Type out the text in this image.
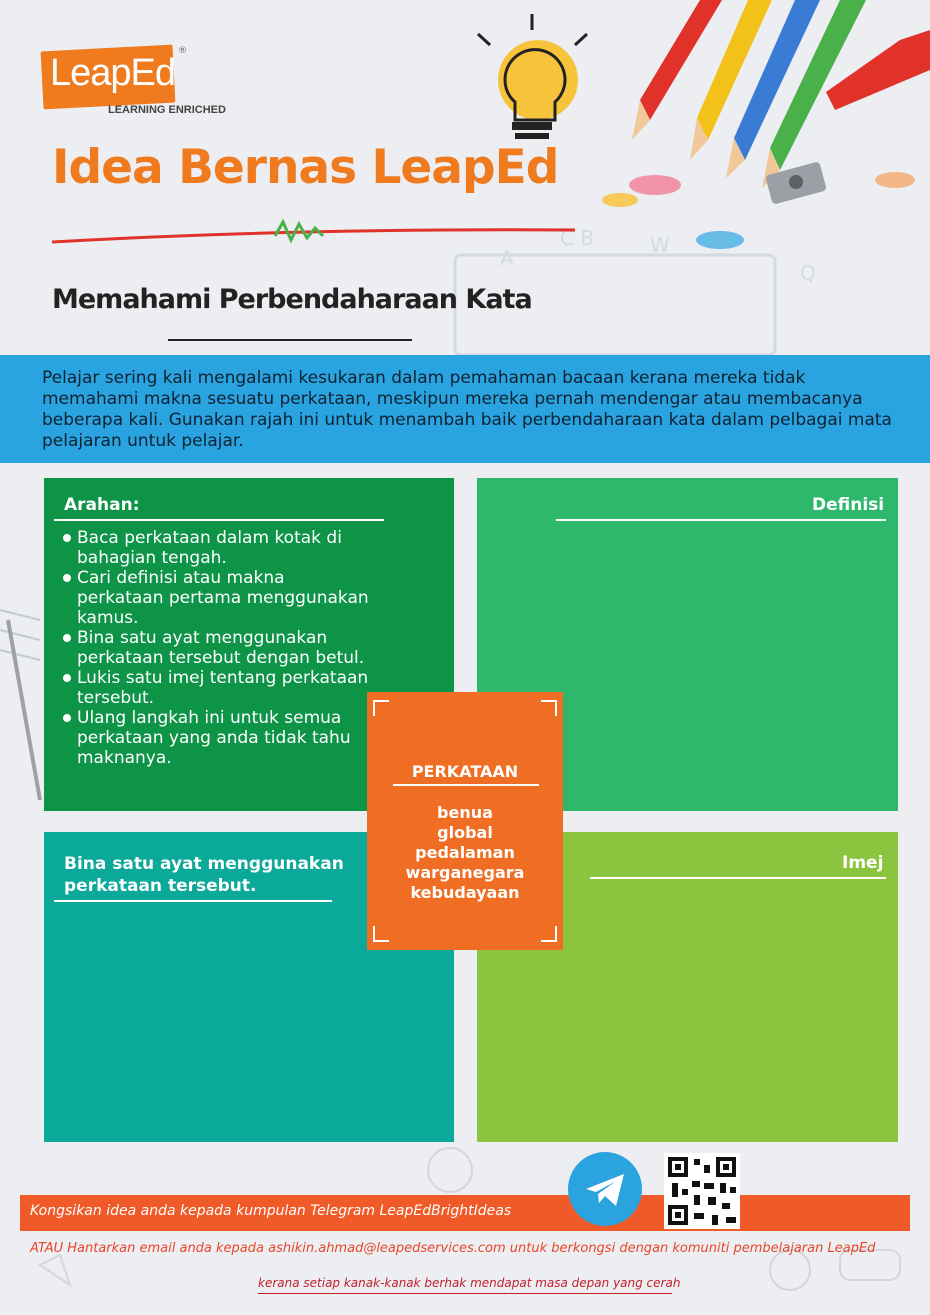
A
C B	W
Q
LeapEd
®
LEARNING ENRICHED
Idea Bernas LeapEd
Memahami Perbendaharaan Kata
Pelajar sering kali mengalami kesukaran dalam pemahaman bacaan kerana mereka tidak memahami makna sesuatu perkataan, meskipun mereka pernah mendengar atau membacanya beberapa kali. Gunakan rajah ini untuk menambah baik perbendaharaan kata dalam pelbagai mata pelajaran untuk pelajar.
Arahan:
Baca perkataan dalam kotak di bahagian tengah.
Cari definisi atau makna perkataan pertama menggunakan kamus.
Bina satu ayat menggunakan perkataan tersebut dengan betul.
Lukis satu imej tentang perkataan tersebut.
Ulang langkah ini untuk semua perkataan yang anda tidak tahu maknanya.
Definisi
Bina satu ayat menggunakan perkataan tersebut.
Imej
PERKATAAN
benua
global
pedalaman
warganegara
kebudayaan
Kongsikan idea anda kepada kumpulan Telegram LeapEdBrightIdeas
ATAU Hantarkan email anda kepada ashikin.ahmad@leapedservices.com untuk berkongsi dengan komuniti pembelajaran LeapEd
kerana setiap kanak-kanak berhak mendapat masa depan yang cerah
